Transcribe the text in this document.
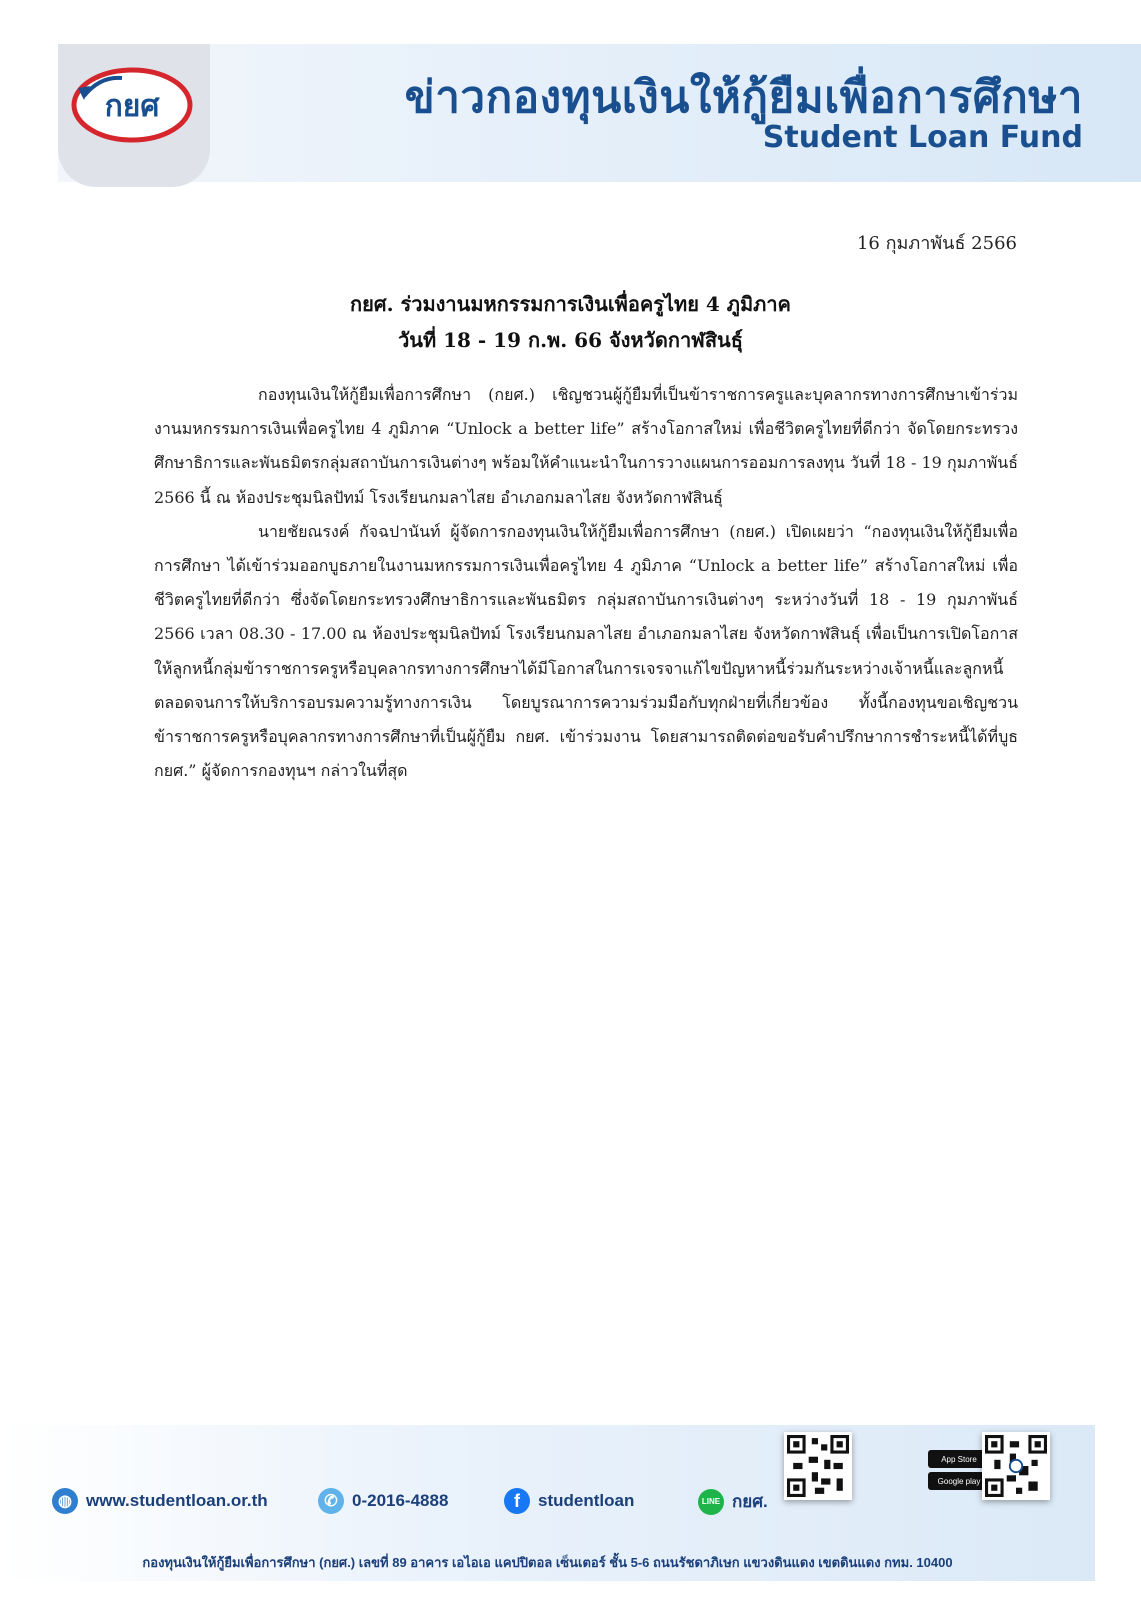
กยศ	ข่าวกองทุนเงินให้กู้ยืมเพื่อการศึกษา
Student Loan Fund
16 กุมภาพันธ์ 2566
กยศ. ร่วมงานมหกรรมการเงินเพื่อครูไทย 4 ภูมิภาค
วันที่ 18 - 19 ก.พ. 66 จังหวัดกาฬสินธุ์

กองทุนเงินให้กู้ยืมเพื่อการศึกษา (กยศ.) เชิญชวนผู้กู้ยืมที่เป็นข้าราชการครูและบุคลากรทางการศึกษาเข้าร่วมงานมหกรรมการเงินเพื่อครูไทย 4 ภูมิภาค “Unlock a better life” สร้างโอกาสใหม่ เพื่อชีวิตครูไทยที่ดีกว่า จัดโดยกระทรวงศึกษาธิการและพันธมิตรกลุ่มสถาบันการเงินต่างๆ พร้อมให้คำแนะนำในการวางแผนการออมการลงทุน วันที่ 18 - 19 กุมภาพันธ์ 2566 นี้ ณ ห้องประชุมนิลปัทม์ โรงเรียนกมลาไสย อำเภอกมลาไสย จังหวัดกาฬสินธุ์

นายชัยณรงค์ กัจฉปานันท์ ผู้จัดการกองทุนเงินให้กู้ยืมเพื่อการศึกษา (กยศ.) เปิดเผยว่า “กองทุนเงินให้กู้ยืมเพื่อการศึกษา ได้เข้าร่วมออกบูธภายในงานมหกรรมการเงินเพื่อครูไทย 4 ภูมิภาค “Unlock a better life” สร้างโอกาสใหม่ เพื่อชีวิตครูไทยที่ดีกว่า ซึ่งจัดโดยกระทรวงศึกษาธิการและพันธมิตร กลุ่มสถาบันการเงินต่างๆ ระหว่างวันที่ 18 - 19 กุมภาพันธ์ 2566 เวลา 08.30 - 17.00 ณ ห้องประชุมนิลปัทม์ โรงเรียนกมลาไสย อำเภอกมลาไสย จังหวัดกาฬสินธุ์ เพื่อเป็นการเปิดโอกาสให้ลูกหนี้กลุ่มข้าราชการครูหรือบุคลากรทางการศึกษาได้มีโอกาสในการเจรจาแก้ไขปัญหาหนี้ร่วมกันระหว่างเจ้าหนี้และลูกหนี้ ตลอดจนการให้บริการอบรมความรู้ทางการเงิน โดยบูรณาการความร่วมมือกับทุกฝ่ายที่เกี่ยวข้อง ทั้งนี้กองทุนขอเชิญชวนข้าราชการครูหรือบุคลากรทางการศึกษาที่เป็นผู้กู้ยืม กยศ. เข้าร่วมงาน โดยสามารถติดต่อขอรับคำปรึกษาการชำระหนี้ได้ที่บูธ กยศ.” ผู้จัดการกองทุนฯ กล่าวในที่สุด

◍ www.studentloan.or.th	✆ 0-2016-4888	f	studentloan	LINE กยศ.
App Store
Google play
กองทุนเงินให้กู้ยืมเพื่อการศึกษา (กยศ.) เลขที่ 89 อาคาร เอไอเอ แคปปิตอล เซ็นเตอร์ ชั้น 5-6 ถนนรัชดาภิเษก แขวงดินแดง เขตดินแดง กทม. 10400
